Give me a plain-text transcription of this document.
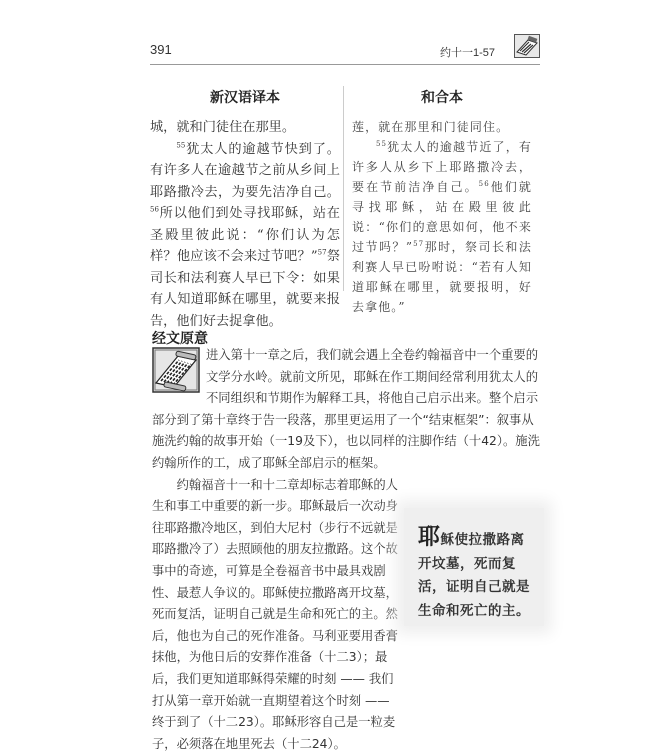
391	约十一1-57
新汉语译本	和合本

城，就和门徒住在那里。

$^{55}$犹太人的逾越节快到了。有许多人在逾越节之前从乡间上耶路撒冷去，为要先洁净自己。$^{56}$所以他们到处寻找耶稣，站在圣殿里彼此说：“你们认为怎样？他应该不会来过节吧？”$^{57}$祭司长和法利赛人早已下令：如果有人知道耶稣在哪里，就要来报告，他们好去捉拿他。

莲，就在那里和门徒同住。

$^{55}$犹太人的逾越节近了，有许多人从乡下上耶路撒冷去，要在节前洁净自己。$^{56}$他们就寻找耶稣，站在殿里彼此说：“你们的意思如何，他不来过节吗？”$^{57}$那时，祭司长和法利赛人早已吩咐说：“若有人知道耶稣在哪里，就要报明，好去拿他。”

经文原意

进入第十一章之后，我们就会遇上全卷约翰福音中一个重要的文学分水岭。就前文所见，耶稣在作工期间经常利用犹太人的不同组织和节期作为解释工具，将他自己启示出来。整个启示部分到了第十章终于告一段落，那里更运用了一个“结束框架”：叙事从施洗约翰的故事开始（一19及下），也以同样的注脚作结（十42）。施洗约翰所作的工，成了耶稣全部启示的框架。

约翰福音十一和十二章却标志着耶稣的人生和事工中重要的新一步。耶稣最后一次动身往耶路撒冷地区，到伯大尼村（步行不远就是耶路撒冷了）去照顾他的朋友拉撒路。这个故事中的奇迹，可算是全卷福音书中最具戏剧性、最惹人争议的。耶稣使拉撒路离开坟墓，死而复活，证明自己就是生命和死亡的主。然后，他也为自己的死作准备。马利亚要用香膏抹他，为他日后的安葬作准备（十二3）；最后，我们更知道耶稣得荣耀的时刻 —— 我们打从第一章开始就一直期望着这个时刻 —— 终于到了（十二23）。耶稣形容自己是一粒麦子，必须落在地里死去（十二24）。

耶稣使拉撒路离开坟墓，死而复活，证明自己就是生命和死亡的主。
